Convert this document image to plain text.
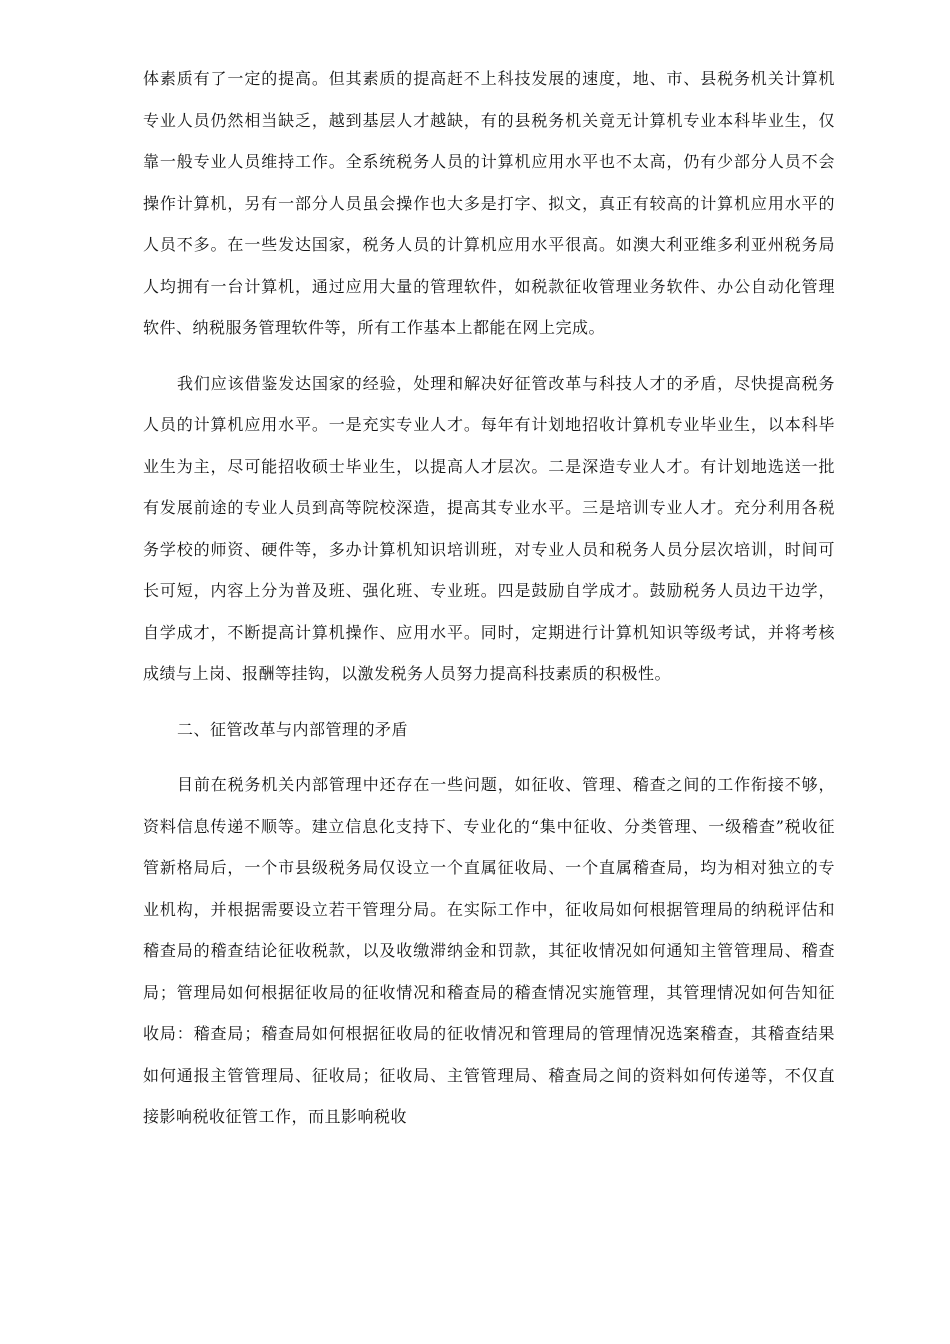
体素质有了一定的提高。但其素质的提高赶不上科技发展的速度，地、市、县税务机关计算机专业人员仍然相当缺乏，越到基层人才越缺，有的县税务机关竟无计算机专业本科毕业生，仅靠一般专业人员维持工作。全系统税务人员的计算机应用水平也不太高，仍有少部分人员不会操作计算机，另有一部分人员虽会操作也大多是打字、拟文，真正有较高的计算机应用水平的人员不多。在一些发达国家，税务人员的计算机应用水平很高。如澳大利亚维多利亚州税务局人均拥有一台计算机，通过应用大量的管理软件，如税款征收管理业务软件、办公自动化管理软件、纳税服务管理软件等，所有工作基本上都能在网上完成。

我们应该借鉴发达国家的经验，处理和解决好征管改革与科技人才的矛盾，尽快提高税务人员的计算机应用水平。一是充实专业人才。每年有计划地招收计算机专业毕业生，以本科毕业生为主，尽可能招收硕士毕业生，以提高人才层次。二是深造专业人才。有计划地选送一批有发展前途的专业人员到高等院校深造，提高其专业水平。三是培训专业人才。充分利用各税务学校的师资、硬件等，多办计算机知识培训班，对专业人员和税务人员分层次培训，时间可长可短，内容上分为普及班、强化班、专业班。四是鼓励自学成才。鼓励税务人员边干边学，自学成才，不断提高计算机操作、应用水平。同时，定期进行计算机知识等级考试，并将考核成绩与上岗、报酬等挂钩，以激发税务人员努力提高科技素质的积极性。

二、征管改革与内部管理的矛盾

目前在税务机关内部管理中还存在一些问题，如征收、管理、稽查之间的工作衔接不够，资料信息传递不顺等。建立信息化支持下、专业化的“集中征收、分类管理、一级稽查”税收征管新格局后，一个市县级税务局仅设立一个直属征收局、一个直属稽查局，均为相对独立的专业机构，并根据需要设立若干管理分局。在实际工作中，征收局如何根据管理局的纳税评估和稽查局的稽查结论征收税款，以及收缴滞纳金和罚款，其征收情况如何通知主管管理局、稽查局；管理局如何根据征收局的征收情况和稽查局的稽查情况实施管理，其管理情况如何告知征收局：稽查局；稽查局如何根据征收局的征收情况和管理局的管理情况选案稽查，其稽查结果如何通报主管管理局、征收局；征收局、主管管理局、稽查局之间的资料如何传递等，不仅直接影响税收征管工作，而且影响税收
